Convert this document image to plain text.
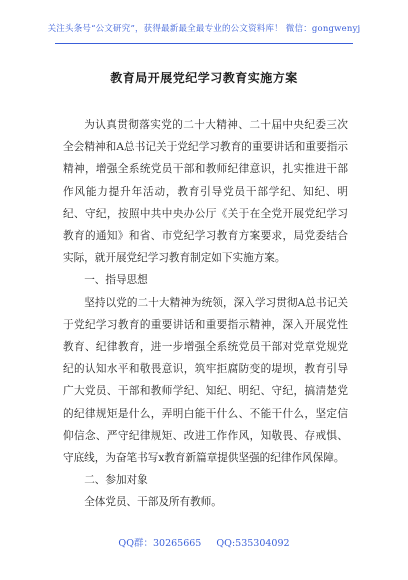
关注头条号“公文研究”，获得最新最全最专业的公文资料库！ 微信：gongwenyj
教育局开展党纪学习教育实施方案

为认真贯彻落实党的二十大精神、二十届中央纪委三次全会精神和A总书记关于党纪学习教育的重要讲话和重要指示精神，增强全系统党员干部和教师纪律意识，扎实推进干部作风能力提升年活动，教育引导党员干部学纪、知纪、明纪、守纪，按照中共中央办公厅《关于在全党开展党纪学习教育的通知》和省、市党纪学习教育方案要求，局党委结合实际，就开展党纪学习教育制定如下实施方案。

一、指导思想

坚持以党的二十大精神为统领，深入学习贯彻A总书记关于党纪学习教育的重要讲话和重要指示精神，深入开展党性教育、纪律教育，进一步增强全系统党员干部对党章党规党纪的认知水平和敬畏意识，筑牢拒腐防变的堤坝，教育引导广大党员、干部和教师学纪、知纪、明纪、守纪，搞清楚党的纪律规矩是什么，弄明白能干什么、不能干什么，坚定信仰信念、严守纪律规矩、改进工作作风，知敬畏、存戒惧、守底线，为奋笔书写x教育新篇章提供坚强的纪律作风保障。

二、参加对象

全体党员、干部及所有教师。

QQ群：30265665 QQ:535304092
